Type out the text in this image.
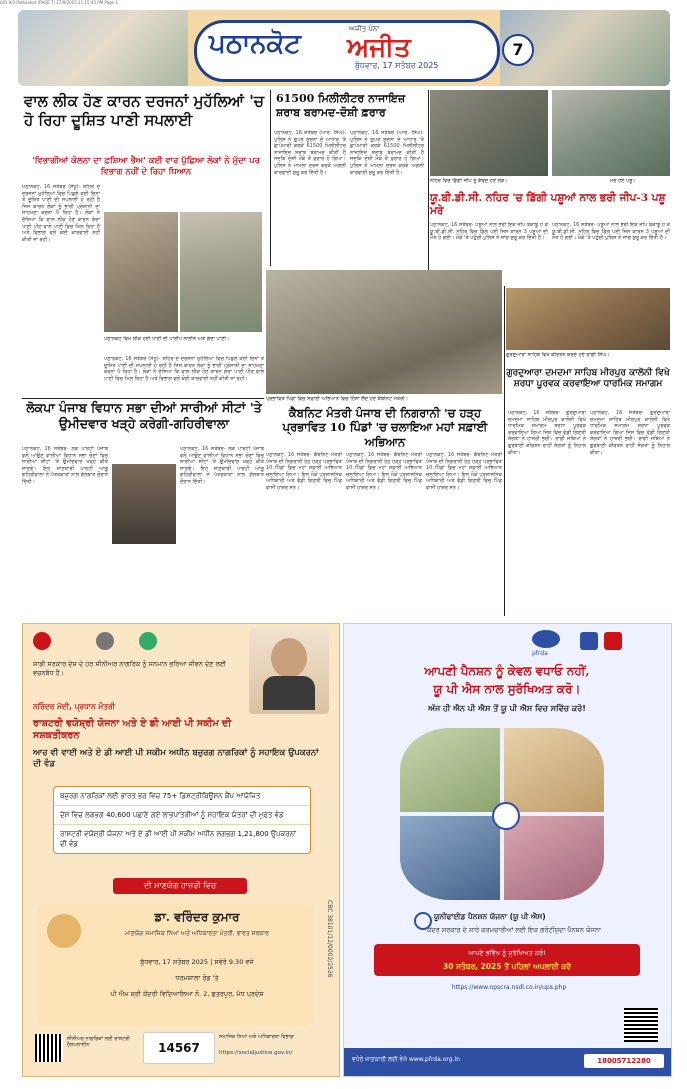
LYD 9/3-Pathankot (PAGE 7) 17/9/2025 11:15:45 PM Page 1
ਪਠਾਨਕੋਟ	ਅਜੀਤ ਪੰਨਾ
ਅਜੀਤ
ਬੁੱਧਵਾਰ, 17 ਸਤੰਬਰ 2025
7
ਵਾਲ ਲੀਕ ਹੋਣ ਕਾਰਨ ਦਰਜਨਾਂ ਮੁਹੱਲਿਆਂ 'ਚ ਹੋ ਰਿਹਾ ਦੂਸ਼ਿਤ ਪਾਣੀ ਸਪਲਾਈ
'ਵਿਭਾਗੀਆਂ ਕੋਲਨਾ ਦਾ ਫ਼ਸ਼ਿਆ ਭੈਅ' ਕਈ ਵਾਰ ਪੁੱਛਿਆ ਲੋਕਾਂ ਨੇ ਮੁੱਦਾ ਪਰ ਵਿਭਾਗ ਨਹੀਂ ਦੇ ਰਿਹਾ ਧਿਆਨ
ਪਠਾਨਕੋਟ, 16 ਸਤੰਬਰ (ਸੰਧੂ)- ਸ਼ਹਿਰ ਦੇ ਦਰਜਨਾਂ ਮੁਹੱਲਿਆਂ ਵਿਚ ਪਿਛਲੇ ਕਈ ਦਿਨਾਂ ਤੋਂ ਦੂਸ਼ਿਤ ਪਾਣੀ ਦੀ ਸਪਲਾਈ ਹੋ ਰਹੀ ਹੈ ਜਿਸ ਕਾਰਨ ਲੋਕਾਂ ਨੂੰ ਭਾਰੀ ਪ੍ਰੇਸ਼ਾਨੀ ਦਾ ਸਾਹਮਣਾ ਕਰਨਾ ਪੈ ਰਿਹਾ ਹੈ। ਲੋਕਾਂ ਨੇ ਦੱਸਿਆ ਕਿ ਵਾਲ ਲੀਕ ਹੋਣ ਕਾਰਨ ਗੰਦਾ ਪਾਣੀ ਪੀਣ ਵਾਲੇ ਪਾਣੀ ਵਿਚ ਮਿਲ ਰਿਹਾ ਹੈ ਅਤੇ ਵਿਭਾਗ ਵਲੋਂ ਕੋਈ ਕਾਰਵਾਈ ਨਹੀਂ ਕੀਤੀ ਜਾ ਰਹੀ।
ਪਠਾਨਕੋਟ ਵਿਖੇ ਲੀਕ ਹੋਈ ਪਾਣੀ ਦੀ ਪਾਈਪ ਲਾਈਨ ਅਤੇ ਗੰਦਾ ਪਾਣੀ।
ਪਠਾਨਕੋਟ, 16 ਸਤੰਬਰ (ਸੰਧੂ)- ਸ਼ਹਿਰ ਦੇ ਦਰਜਨਾਂ ਮੁਹੱਲਿਆਂ ਵਿਚ ਪਿਛਲੇ ਕਈ ਦਿਨਾਂ ਤੋਂ ਦੂਸ਼ਿਤ ਪਾਣੀ ਦੀ ਸਪਲਾਈ ਹੋ ਰਹੀ ਹੈ ਜਿਸ ਕਾਰਨ ਲੋਕਾਂ ਨੂੰ ਭਾਰੀ ਪ੍ਰੇਸ਼ਾਨੀ ਦਾ ਸਾਹਮਣਾ ਕਰਨਾ ਪੈ ਰਿਹਾ ਹੈ। ਲੋਕਾਂ ਨੇ ਦੱਸਿਆ ਕਿ ਵਾਲ ਲੀਕ ਹੋਣ ਕਾਰਨ ਗੰਦਾ ਪਾਣੀ ਪੀਣ ਵਾਲੇ ਪਾਣੀ ਵਿਚ ਮਿਲ ਰਿਹਾ ਹੈ ਅਤੇ ਵਿਭਾਗ ਵਲੋਂ ਕੋਈ ਕਾਰਵਾਈ ਨਹੀਂ ਕੀਤੀ ਜਾ ਰਹੀ।
61500 ਮਿਲੀਲੀਟਰ ਨਾਜਾਇਜ਼ ਸ਼ਰਾਬ ਬਰਾਮਦ-ਦੋਸ਼ੀ ਫ਼ਰਾਰ
ਪਠਾਨਕੋਟ, 16 ਸਤੰਬਰ (ਆਰ. ਸਿੰਘ)- ਪੁਲਿਸ ਨੇ ਗੁਪਤ ਸੂਚਨਾ ਦੇ ਆਧਾਰ 'ਤੇ ਛਾਪੇਮਾਰੀ ਕਰਕੇ 61500 ਮਿਲੀਲੀਟਰ ਨਾਜਾਇਜ਼ ਸ਼ਰਾਬ ਬਰਾਮਦ ਕੀਤੀ ਹੈ ਜਦਕਿ ਦੋਸ਼ੀ ਮੌਕੇ ਤੋਂ ਫ਼ਰਾਰ ਹੋ ਗਿਆ। ਪੁਲਿਸ ਨੇ ਮਾਮਲਾ ਦਰਜ ਕਰਕੇ ਅਗਲੀ ਕਾਰਵਾਈ ਸ਼ੁਰੂ ਕਰ ਦਿੱਤੀ ਹੈ।
ਪਠਾਨਕੋਟ, 16 ਸਤੰਬਰ (ਆਰ. ਸਿੰਘ)- ਪੁਲਿਸ ਨੇ ਗੁਪਤ ਸੂਚਨਾ ਦੇ ਆਧਾਰ 'ਤੇ ਛਾਪੇਮਾਰੀ ਕਰਕੇ 61500 ਮਿਲੀਲੀਟਰ ਨਾਜਾਇਜ਼ ਸ਼ਰਾਬ ਬਰਾਮਦ ਕੀਤੀ ਹੈ ਜਦਕਿ ਦੋਸ਼ੀ ਮੌਕੇ ਤੋਂ ਫ਼ਰਾਰ ਹੋ ਗਿਆ। ਪੁਲਿਸ ਨੇ ਮਾਮਲਾ ਦਰਜ ਕਰਕੇ ਅਗਲੀ ਕਾਰਵਾਈ ਸ਼ੁਰੂ ਕਰ ਦਿੱਤੀ ਹੈ।
ਨਹਿਰ ਵਿਚ ਡਿੱਗੀ ਜੀਪ ਨੂੰ ਕੱਢਦੇ ਹੋਏ ਲੋਕ।	ਮਰੇ ਹੋਏ ਪਸ਼ੂ।
ਯੂ.ਬੀ.ਡੀ.ਸੀ. ਨਹਿਰ 'ਚ ਡਿੱਗੀ ਪਸ਼ੂਆਂ ਨਾਲ ਭਰੀ ਜੀਪ-3 ਪਸ਼ੂ ਮਰੇ
ਪਠਾਨਕੋਟ, 16 ਸਤੰਬਰ- ਪਸ਼ੂਆਂ ਨਾਲ ਭਰੀ ਇਕ ਜੀਪ ਬੇਕਾਬੂ ਹੋ ਕੇ ਯੂ.ਬੀ.ਡੀ.ਸੀ. ਨਹਿਰ ਵਿਚ ਡਿੱਗ ਪਈ ਜਿਸ ਕਾਰਨ 3 ਪਸ਼ੂਆਂ ਦੀ ਮੌਤ ਹੋ ਗਈ। ਮੌਕੇ 'ਤੇ ਪਹੁੰਚੀ ਪੁਲਿਸ ਨੇ ਜਾਂਚ ਸ਼ੁਰੂ ਕਰ ਦਿੱਤੀ ਹੈ।
ਪਠਾਨਕੋਟ, 16 ਸਤੰਬਰ- ਪਸ਼ੂਆਂ ਨਾਲ ਭਰੀ ਇਕ ਜੀਪ ਬੇਕਾਬੂ ਹੋ ਕੇ ਯੂ.ਬੀ.ਡੀ.ਸੀ. ਨਹਿਰ ਵਿਚ ਡਿੱਗ ਪਈ ਜਿਸ ਕਾਰਨ 3 ਪਸ਼ੂਆਂ ਦੀ ਮੌਤ ਹੋ ਗਈ। ਮੌਕੇ 'ਤੇ ਪਹੁੰਚੀ ਪੁਲਿਸ ਨੇ ਜਾਂਚ ਸ਼ੁਰੂ ਕਰ ਦਿੱਤੀ ਹੈ।
ਗੁਰਦੁਆਰਾ ਸਾਹਿਬ ਵਿਖੇ ਕੀਰਤਨ ਕਰਦੇ ਹੋਏ ਰਾਗੀ ਸਿੰਘ।
ਗੁਰਦੁਆਰਾ ਦਮਦਮਾ ਸਾਹਿਬ ਮੀਰਪੁਰ ਕਾਲੋਨੀ ਵਿਖੇ ਸ਼ਰਧਾ ਪੂਰਵਕ ਕਰਵਾਇਆ ਧਾਰਮਿਕ ਸਮਾਗਮ
ਪਠਾਨਕੋਟ, 16 ਸਤੰਬਰ- ਗੁਰਦੁਆਰਾ ਦਮਦਮਾ ਸਾਹਿਬ ਮੀਰਪੁਰ ਕਾਲੋਨੀ ਵਿਖੇ ਧਾਰਮਿਕ ਸਮਾਗਮ ਸ਼ਰਧਾ ਪੂਰਵਕ ਕਰਵਾਇਆ ਗਿਆ ਜਿਸ ਵਿਚ ਵੱਡੀ ਗਿਣਤੀ ਸੰਗਤਾਂ ਨੇ ਹਾਜ਼ਰੀ ਭਰੀ। ਰਾਗੀ ਜਥਿਆਂ ਨੇ ਗੁਰਬਾਣੀ ਕੀਰਤਨ ਰਾਹੀਂ ਸੰਗਤਾਂ ਨੂੰ ਨਿਹਾਲ ਕੀਤਾ।
ਪਠਾਨਕੋਟ, 16 ਸਤੰਬਰ- ਗੁਰਦੁਆਰਾ ਦਮਦਮਾ ਸਾਹਿਬ ਮੀਰਪੁਰ ਕਾਲੋਨੀ ਵਿਖੇ ਧਾਰਮਿਕ ਸਮਾਗਮ ਸ਼ਰਧਾ ਪੂਰਵਕ ਕਰਵਾਇਆ ਗਿਆ ਜਿਸ ਵਿਚ ਵੱਡੀ ਗਿਣਤੀ ਸੰਗਤਾਂ ਨੇ ਹਾਜ਼ਰੀ ਭਰੀ। ਰਾਗੀ ਜਥਿਆਂ ਨੇ ਗੁਰਬਾਣੀ ਕੀਰਤਨ ਰਾਹੀਂ ਸੰਗਤਾਂ ਨੂੰ ਨਿਹਾਲ ਕੀਤਾ।
ਲੋਕਪਾ ਪੰਜਾਬ ਵਿਧਾਨ ਸਭਾ ਦੀਆਂ ਸਾਰੀਆਂ ਸੀਟਾਂ 'ਤੇ ਉਮੀਦਵਾਰ ਖੜ੍ਹੇ ਕਰੇਗੀ-ਗਹਿਰੀਵਾਲਾ
ਪਠਾਨਕੋਟ, 16 ਸਤੰਬਰ- ਲੋਕ ਪਾਰਟੀ ਪੰਜਾਬ ਵਲੋਂ ਆਉਣ ਵਾਲੀਆਂ ਵਿਧਾਨ ਸਭਾ ਚੋਣਾਂ ਵਿਚ ਸਾਰੀਆਂ ਸੀਟਾਂ 'ਤੇ ਉਮੀਦਵਾਰ ਖੜ੍ਹੇ ਕੀਤੇ ਜਾਣਗੇ। ਇਹ ਜਾਣਕਾਰੀ ਪਾਰਟੀ ਆਗੂ ਗਹਿਰੀਵਾਲਾ ਨੇ ਪੱਤਰਕਾਰਾਂ ਨਾਲ ਗੱਲਬਾਤ ਦੌਰਾਨ ਦਿੱਤੀ।
ਪਠਾਨਕੋਟ, 16 ਸਤੰਬਰ- ਲੋਕ ਪਾਰਟੀ ਪੰਜਾਬ ਵਲੋਂ ਆਉਣ ਵਾਲੀਆਂ ਵਿਧਾਨ ਸਭਾ ਚੋਣਾਂ ਵਿਚ ਸਾਰੀਆਂ ਸੀਟਾਂ 'ਤੇ ਉਮੀਦਵਾਰ ਖੜ੍ਹੇ ਕੀਤੇ ਜਾਣਗੇ। ਇਹ ਜਾਣਕਾਰੀ ਪਾਰਟੀ ਆਗੂ ਗਹਿਰੀਵਾਲਾ ਨੇ ਪੱਤਰਕਾਰਾਂ ਨਾਲ ਗੱਲਬਾਤ ਦੌਰਾਨ ਦਿੱਤੀ।
ਪ੍ਰਭਾਵਿਤ ਪਿੰਡਾਂ ਵਿਚ ਸਫ਼ਾਈ ਅਭਿਆਨ ਵਿਚ ਹਿੱਸਾ ਲੈਂਦੇ ਹੋਏ ਕੈਬਨਿਟ ਮੰਤਰੀ।
ਕੈਬਨਿਟ ਮੰਤਰੀ ਪੰਜਾਬ ਦੀ ਨਿਗਰਾਨੀ 'ਚ ਹੜ੍ਹ ਪ੍ਰਭਾਵਿਤ 10 ਪਿੰਡਾਂ 'ਚ ਚਲਾਇਆ ਮਹਾਂ ਸਫ਼ਾਈ ਅਭਿਆਨ
ਪਠਾਨਕੋਟ, 16 ਸਤੰਬਰ- ਕੈਬਨਿਟ ਮੰਤਰੀ ਪੰਜਾਬ ਦੀ ਨਿਗਰਾਨੀ ਹੇਠ ਹੜ੍ਹ ਪ੍ਰਭਾਵਿਤ 10 ਪਿੰਡਾਂ ਵਿਚ ਮਹਾਂ ਸਫ਼ਾਈ ਅਭਿਆਨ ਚਲਾਇਆ ਗਿਆ। ਇਸ ਮੌਕੇ ਪ੍ਰਸ਼ਾਸਨਿਕ ਅਧਿਕਾਰੀ ਅਤੇ ਵੱਡੀ ਗਿਣਤੀ ਵਿਚ ਪਿੰਡ ਵਾਸੀ ਹਾਜ਼ਰ ਸਨ।
ਪਠਾਨਕੋਟ, 16 ਸਤੰਬਰ- ਕੈਬਨਿਟ ਮੰਤਰੀ ਪੰਜਾਬ ਦੀ ਨਿਗਰਾਨੀ ਹੇਠ ਹੜ੍ਹ ਪ੍ਰਭਾਵਿਤ 10 ਪਿੰਡਾਂ ਵਿਚ ਮਹਾਂ ਸਫ਼ਾਈ ਅਭਿਆਨ ਚਲਾਇਆ ਗਿਆ। ਇਸ ਮੌਕੇ ਪ੍ਰਸ਼ਾਸਨਿਕ ਅਧਿਕਾਰੀ ਅਤੇ ਵੱਡੀ ਗਿਣਤੀ ਵਿਚ ਪਿੰਡ ਵਾਸੀ ਹਾਜ਼ਰ ਸਨ।
ਪਠਾਨਕੋਟ, 16 ਸਤੰਬਰ- ਕੈਬਨਿਟ ਮੰਤਰੀ ਪੰਜਾਬ ਦੀ ਨਿਗਰਾਨੀ ਹੇਠ ਹੜ੍ਹ ਪ੍ਰਭਾਵਿਤ 10 ਪਿੰਡਾਂ ਵਿਚ ਮਹਾਂ ਸਫ਼ਾਈ ਅਭਿਆਨ ਚਲਾਇਆ ਗਿਆ। ਇਸ ਮੌਕੇ ਪ੍ਰਸ਼ਾਸਨਿਕ ਅਧਿਕਾਰੀ ਅਤੇ ਵੱਡੀ ਗਿਣਤੀ ਵਿਚ ਪਿੰਡ ਵਾਸੀ ਹਾਜ਼ਰ ਸਨ।

ਸਾਡੀ ਸਰਕਾਰ ਦੇਸ਼ ਦੇ ਹਰ ਸੀਨੀਅਰ ਨਾਗਰਿਕ ਨੂੰ ਸਨਮਾਨ ਭਰਿਆ ਜੀਵਨ ਦੇਣ ਲਈ ਵਚਨਬੱਧ ਹੈ।
ਨਰਿੰਦਰ ਮੋਦੀ, ਪ੍ਰਧਾਨ ਮੰਤਰੀ
ਰਾਸ਼ਟਰੀ ਵਯੋਸ਼੍ਰੀ ਯੋਜਨਾ ਅਤੇ ਏ ਡੀ ਆਈ ਪੀ ਸਕੀਮ ਦੀ ਸਸ਼ਕਤੀਕਰਨ
ਆਰ ਵੀ ਵਾਈ ਅਤੇ ਏ ਡੀ ਆਈ ਪੀ ਸਕੀਮ ਅਧੀਨ ਬਜ਼ੁਰਗ ਨਾਗਰਿਕਾਂ ਨੂੰ ਸਹਾਇਕ ਉਪਕਰਨਾਂ ਦੀ ਵੰਡ
ਬਜ਼ੁਰਗ ਨਾਗਰਿਕਾਂ ਲਈ ਭਾਰਤ ਭਰ ਵਿਚ 75+ ਡਿਸਟ੍ਰੀਬਿਊਸ਼ਨ ਕੈਂਪ ਆਯੋਜਿਤ
ਦੇਸ਼ ਵਿਚ ਲਗਭਗ 40,600 ਪਛਾਣੇ ਗਏ ਲਾਭਪਾਤਰੀਆਂ ਨੂੰ ਸਹਾਇਕ ਯੰਤਰਾਂ ਦੀ ਮੁਫ਼ਤ ਵੰਡ
ਰਾਸ਼ਟਰੀ ਵਯੋਸ਼੍ਰੀ ਯੋਜਨਾ ਅਤੇ ਏ ਡੀ ਆਈ ਪੀ ਸਕੀਮ ਅਧੀਨ ਲਗਭਗ 1,21,800 ਉਪਕਰਨਾਂ ਦੀ ਵੰਡ
ਦੀ ਮਾਣਯੋਗ ਹਾਜ਼ਰੀ ਵਿਚ
ਡਾ. ਵਰਿੰਦਰ ਕੁਮਾਰ
ਮਾਣਯੋਗ ਸਮਾਜਿਕ ਨਿਆਂ ਅਤੇ ਅਧਿਕਾਰਤਾ ਮੰਤਰੀ, ਭਾਰਤ ਸਰਕਾਰ
ਬੁੱਧਵਾਰ, 17 ਸਤੰਬਰ 2025 | ਸਵੇਰੇ 9.30 ਵਜੇ
ਧਰਮਸ਼ਾਲਾ ਰੋਡ 'ਤੇ
ਪੀ ਐਮ ਸ਼੍ਰੀ ਕੇਂਦਰੀ ਵਿਦਿਆਲਿਆ ਨੰ. 2, ਛਤਰਪੁਰ, ਮੱਧ ਪ੍ਰਦੇਸ਼
CBC 38101/12/0002/2526
ਸੀਨੀਅਰ ਨਾਗਰਿਕਾਂ ਲਈ ਰਾਸ਼ਟਰੀ ਹੈਲਪਲਾਈਨ	14567
ਸਮਾਜਿਕ ਨਿਆਂ ਅਤੇ ਅਧਿਕਾਰਤਾ ਵਿਭਾਗ
https://socialjustice.gov.in/
pfrda
ਆਪਣੀ ਪੈਨਸ਼ਨ ਨੂੰ ਕੇਵਲ ਵਧਾਓ ਨਹੀਂ,
ਯੂ ਪੀ ਐਸ ਨਾਲ ਸੁਰੱਖਿਅਤ ਕਰੋ।
ਅੱਜ ਹੀ ਐਨ ਪੀ ਐਸ ਤੋਂ ਯੂ ਪੀ ਐਸ ਵਿਚ ਸਵਿੱਚ ਕਰੋ!
ਯੂਨੀਫਾਈਡ ਪੈਨਸ਼ਨ ਯੋਜਨਾ (ਯੂ ਪੀ ਐਸ)
ਕੇਂਦਰ ਸਰਕਾਰ ਦੇ ਸਾਰੇ ਕਰਮਚਾਰੀਆਂ ਲਈ ਇਕ ਗਰੰਟੀਸ਼ੁਦਾ ਪੈਨਸ਼ਨ ਯੋਜਨਾ
ਆਪਣੇ ਭਵਿੱਖ ਨੂੰ ਸੁਰੱਖਿਅਤ ਕਰੋ!
30 ਸਤੰਬਰ, 2025 ਤੋਂ ਪਹਿਲਾਂ ਅਪਲਾਈ ਕਰੋ
https://www.npscra.nsdl.co.in/ups.php
ਵਧੇਰੇ ਜਾਣਕਾਰੀ ਲਈ ਵੇਖੋ www.pfrda.org.in	18005712280
